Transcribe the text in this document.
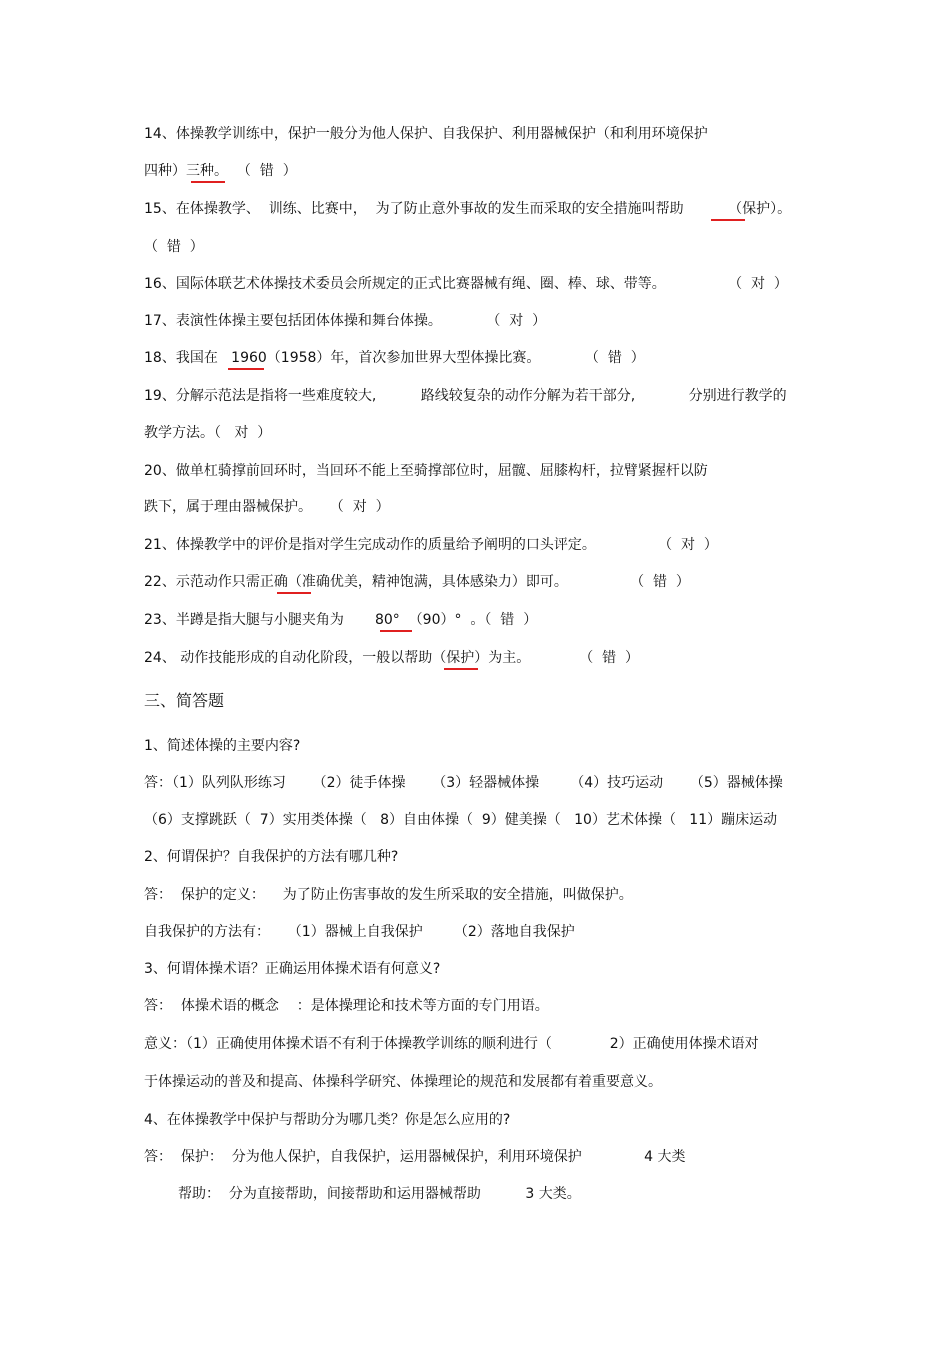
14、体操教学训练中，保护一般分为他人保护、自我保护、利用器械保护（和利用环境保护
四种）三种。  （  错  ）
15、在体操教学、  训练、比赛中，  为了防止意外事故的发生而采取的安全措施叫帮助          （保护）。
（  错  ）
16、国际体联艺术体操技术委员会所规定的正式比赛器械有绳、圈、棒、球、带等。              （  对  ）
17、表演性体操主要包括团体体操和舞台体操。          （  对  ）
18、我国在   1960（1958）年，首次参加世界大型体操比赛。          （  错  ）
19、分解示范法是指将一些难度较大,          路线较复杂的动作分解为若干部分,            分别进行教学的
教学方法。（   对  ）
20、做单杠骑撑前回环时，当回环不能上至骑撑部位时，屈髋、屈膝构杆，拉臂紧握杆以防
跌下，属于理由器械保护。    （  对  ）
21、体操教学中的评价是指对学生完成动作的质量给予阐明的口头评定。              （  对  ）
22、示范动作只需正确（准确优美，精神饱满，具体感染力）即可。              （  错  ）
23、半蹲是指大腿与小腿夹角为       80°  （90）°  。（  错  ）
24、 动作技能形成的自动化阶段，一般以帮助（保护）为主。           （  错  ）
三、简答题
1、简述体操的主要内容?
答：（1）队列队形练习      （2）徒手体操      （3）轻器械体操       （4）技巧运动      （5）器械体操
（6）支撑跳跃（  7）实用类体操（   8）自由体操（  9）健美操（   10）艺术体操（   11）蹦床运动
2、何谓保护？自我保护的方法有哪几种?
答：  保护的定义：    为了防止伤害事故的发生所采取的安全措施，叫做保护。
自我保护的方法有：    （1）器械上自我保护       （2）落地自我保护
3、何谓体操术语？正确运用体操术语有何意义?
答：  体操术语的概念    ：是体操理论和技术等方面的专门用语。
意义：（1）正确使用体操术语不有利于体操教学训练的顺利进行（             2）正确使用体操术语对
于体操运动的普及和提高、体操科学研究、体操理论的规范和发展都有着重要意义。
4、在体操教学中保护与帮助分为哪几类？你是怎么应用的?
答：  保护：  分为他人保护，自我保护，运用器械保护，利用环境保护              4 大类
帮助：  分为直接帮助，间接帮助和运用器械帮助          3 大类。
